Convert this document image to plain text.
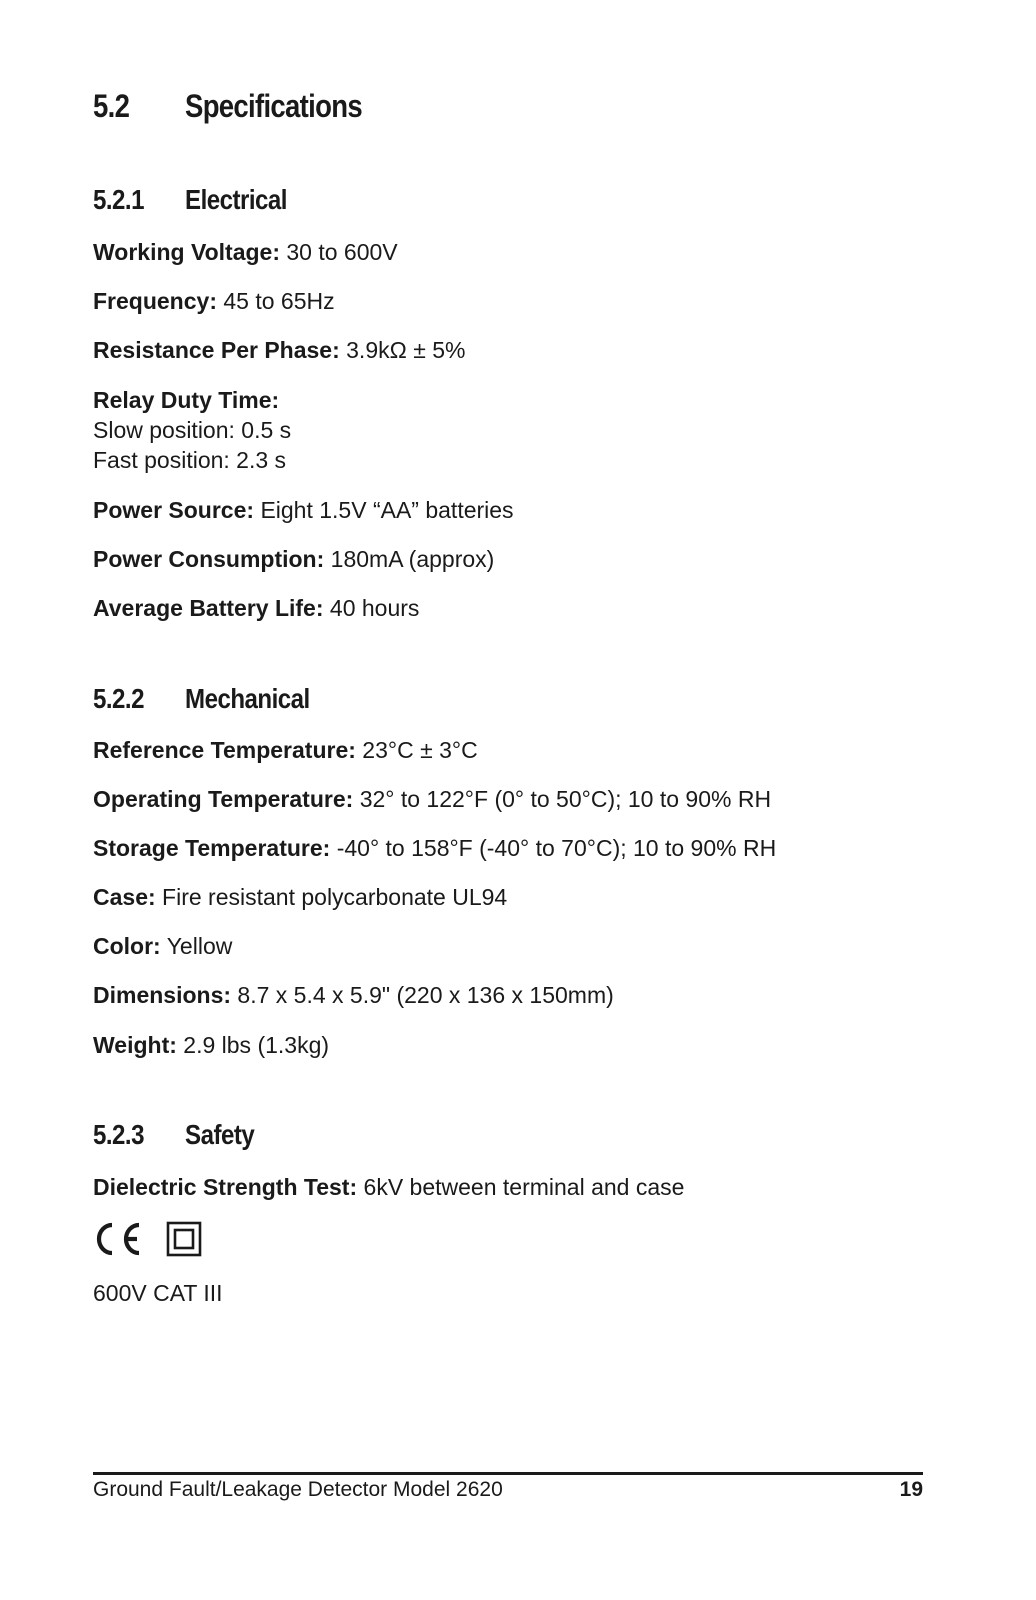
5.2 Specifications
5.2.1 Electrical
Working Voltage: 30 to 600V
Frequency: 45 to 65Hz
Resistance Per Phase: 3.9kΩ ± 5%
Relay Duty Time:
Slow position: 0.5 s
Fast position: 2.3 s
Power Source: Eight 1.5V “AA” batteries
Power Consumption: 180mA (approx)
Average Battery Life: 40 hours
5.2.2 Mechanical
Reference Temperature: 23°C ± 3°C
Operating Temperature: 32° to 122°F (0° to 50°C); 10 to 90% RH
Storage Temperature: -40° to 158°F (-40° to 70°C); 10 to 90% RH
Case: Fire resistant polycarbonate UL94
Color: Yellow
Dimensions: 8.7 x 5.4 x 5.9" (220 x 136 x 150mm)
Weight: 2.9 lbs (1.3kg)
5.2.3 Safety
Dielectric Strength Test: 6kV between terminal and case
600V CAT III
Ground Fault/Leakage Detector Model 2620	19
